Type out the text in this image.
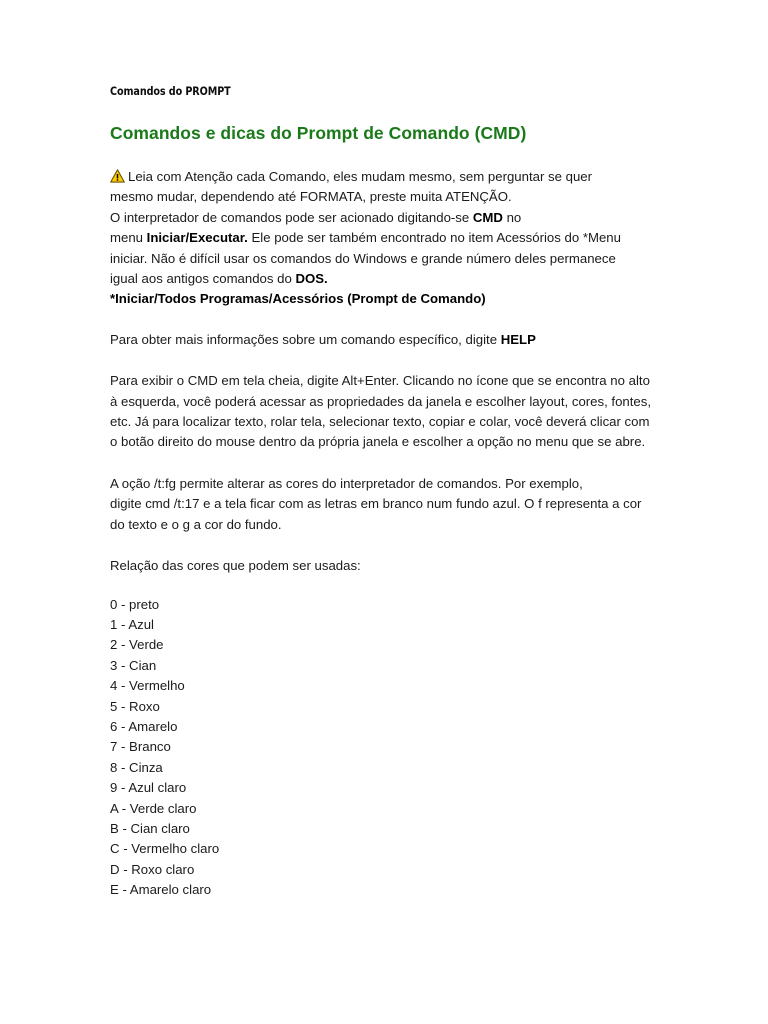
Comandos do PROMPT
Comandos e dicas do Prompt de Comando (CMD)

Leia com Atenção cada Comando, eles mudam mesmo, sem perguntar se quer
mesmo mudar, dependendo até FORMATA, preste muita ATENÇÃO.
O interpretador de comandos pode ser acionado digitando-se CMD no
menu Iniciar/Executar. Ele pode ser também encontrado no item Acessórios do *Menu
iniciar. Não é difícil usar os comandos do Windows e grande número deles permanece
igual aos antigos comandos do DOS.

*Iniciar/Todos Programas/Acessórios (Prompt de Comando)

Para obter mais informações sobre um comando específico, digite HELP

Para exibir o CMD em tela cheia, digite Alt+Enter. Clicando no ícone que se encontra no alto à esquerda, você poderá acessar as propriedades da janela e escolher layout, cores, fontes, etc. Já para localizar texto, rolar tela, selecionar texto, copiar e colar, você deverá clicar com o botão direito do mouse dentro da própria janela e escolher a opção no menu que se abre.

A oção /t:fg permite alterar as cores do interpretador de comandos. Por exemplo,
digite cmd /t:17 e a tela ficar com as letras em branco num fundo azul. O f representa a cor
do texto e o g a cor do fundo.

Relação das cores que podem ser usadas:

0 - preto
1 - Azul
2 - Verde
3 - Cian
4 - Vermelho
5 - Roxo
6 - Amarelo
7 - Branco
8 - Cinza
9 - Azul claro
A - Verde claro
B - Cian claro
C - Vermelho claro
D - Roxo claro
E - Amarelo claro
